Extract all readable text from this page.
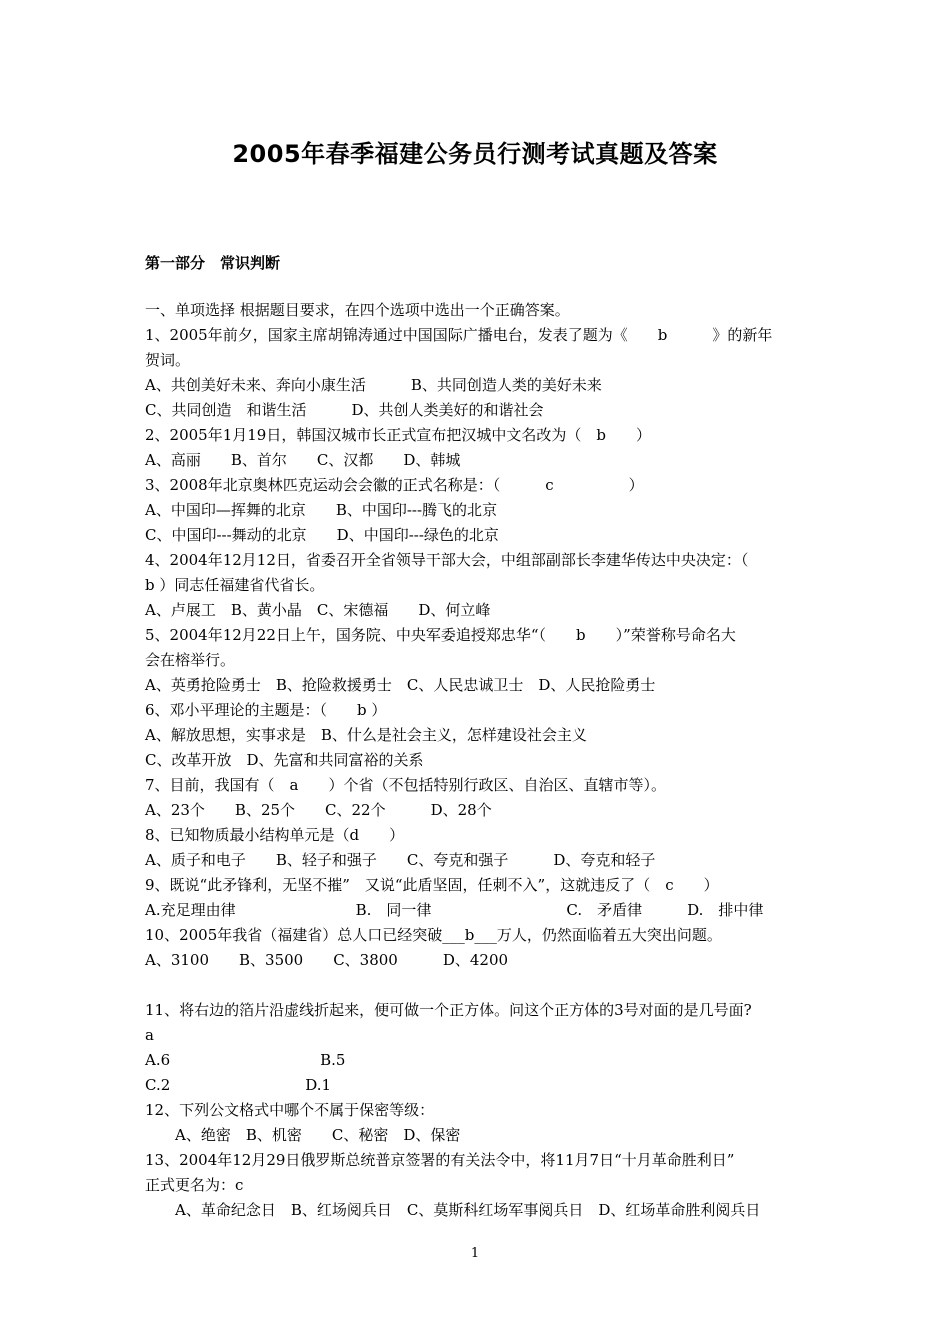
2005年春季福建公务员行测考试真题及答案
第一部分　常识判断
一、单项选择 根据题目要求，在四个选项中选出一个正确答案。
1、2005年前夕，国家主席胡锦涛通过中国国际广播电台，发表了题为《　　b　　　》的新年
贺词。
A、共创美好未来、奔向小康生活　　　B、共同创造人类的美好未来
C、共同创造　和谐生活　　　D、共创人类美好的和谐社会
2、2005年1月19日，韩国汉城市长正式宣布把汉城中文名改为（　b　　）
A、高丽　　B、首尔　　C、汉都　　D、韩城
3、2008年北京奥林匹克运动会会徽的正式名称是：（　　　c　　　　　）
A、中国印—挥舞的北京　　B、中国印---腾飞的北京
C、中国印---舞动的北京　　D、中国印---绿色的北京
4、2004年12月12日，省委召开全省领导干部大会，中组部副部长李建华传达中央决定：（
b ）同志任福建省代省长。
A、卢展工　B、黄小晶　C、宋德福　　D、何立峰
5、2004年12月22日上午，国务院、中央军委追授郑忠华“（　　b　　）”荣誉称号命名大
会在榕举行。
A、英勇抢险勇士　B、抢险救援勇士　C、人民忠诚卫士　D、人民抢险勇士
6、邓小平理论的主题是：（　　b ）
A、解放思想，实事求是　B、什么是社会主义，怎样建设社会主义
C、改革开放　D、先富和共同富裕的关系
7、目前，我国有（　a　　）个省（不包括特别行政区、自治区、直辖市等）。
A、23个　　B、25个　　C、22个　　　D、28个
8、已知物质最小结构单元是（d　　）
A、质子和电子　　B、轻子和强子　　C、夸克和强子　　　D、夸克和轻子
9、既说“此矛锋利，无坚不摧”　又说“此盾坚固，任刺不入”，这就违反了（　c　　）
A.充足理由律　　　　　　　　B.　同一律　　　　　　　　　C.　矛盾律　　　D.　排中律
10、2005年我省（福建省）总人口已经突破___b___万人，仍然面临着五大突出问题。
A、3100　　B、3500　　C、3800　　　D、4200
11、将右边的箔片沿虚线折起来，便可做一个正方体。问这个正方体的3号对面的是几号面?
a
A.6　　　　　　　　　　B.5
C.2　　　　　　　　　D.1
12、下列公文格式中哪个不属于保密等级：
A、绝密　B、机密　　C、秘密　D、保密
13、2004年12月29日俄罗斯总统普京签署的有关法令中，将11月7日“十月革命胜利日”
正式更名为：c
A、革命纪念日　B、红场阅兵日　C、莫斯科红场军事阅兵日　D、红场革命胜利阅兵日
1
